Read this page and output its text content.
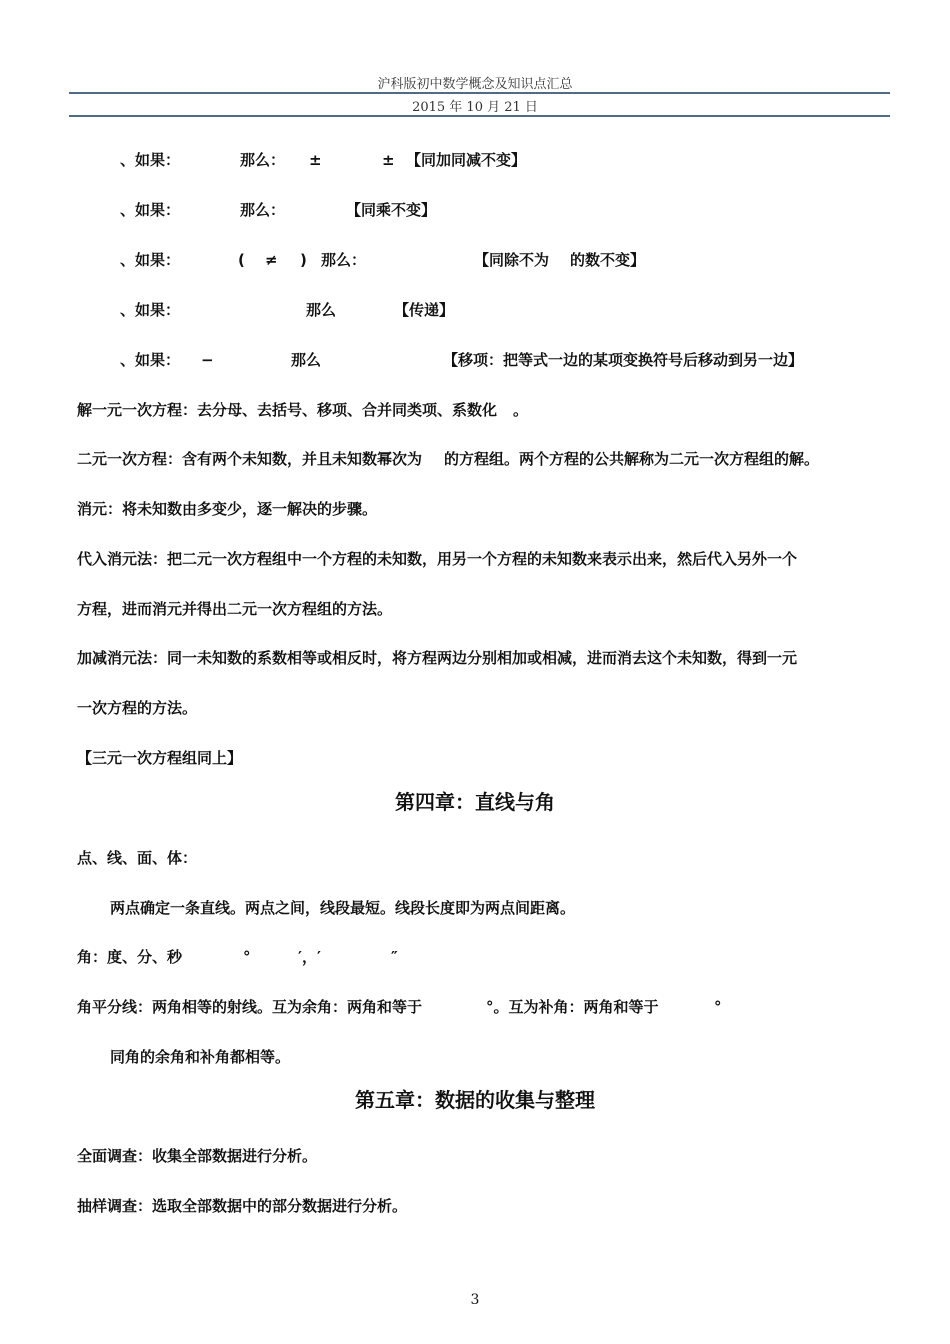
沪科版初中数学概念及知识点汇总
2015 年 10 月 21 日
、如果：	那么： ±	± 【同加同减不变】
、如果：	那么：	【同乘不变】
、如果：	( ≠ ) 那么：	【同除不为 的数不变】
、如果：	那么	【传递】
、如果： −	那么	【移项：把等式一边的某项变换符号后移动到另一边】
解一元一次方程：去分母、去括号、移项、合并同类项、系数化 。
二元一次方程：含有两个未知数，并且未知数幂次为 的方程组。两个方程的公共解称为二元一次方程组的解。
消元：将未知数由多变少，逐一解决的步骤。
代入消元法：把二元一次方程组中一个方程的未知数，用另一个方程的未知数来表示出来，然后代入另外一个
方程，进而消元并得出二元一次方程组的方法。
加减消元法：同一未知数的系数相等或相反时，将方程两边分别相加或相减，进而消去这个未知数，得到一元
一次方程的方法。
【三元一次方程组同上】
第四章：直线与角
点、线、面、体：
两点确定一条直线。两点之间，线段最短。线段长度即为两点间距离。
角：度、分、秒	°	′，′	″
角平分线：两角相等的射线。互为余角：两角和等于	°。互为补角：两角和等于	°
同角的余角和补角都相等。
第五章：数据的收集与整理
全面调查：收集全部数据进行分析。
抽样调查：选取全部数据中的部分数据进行分析。
3
